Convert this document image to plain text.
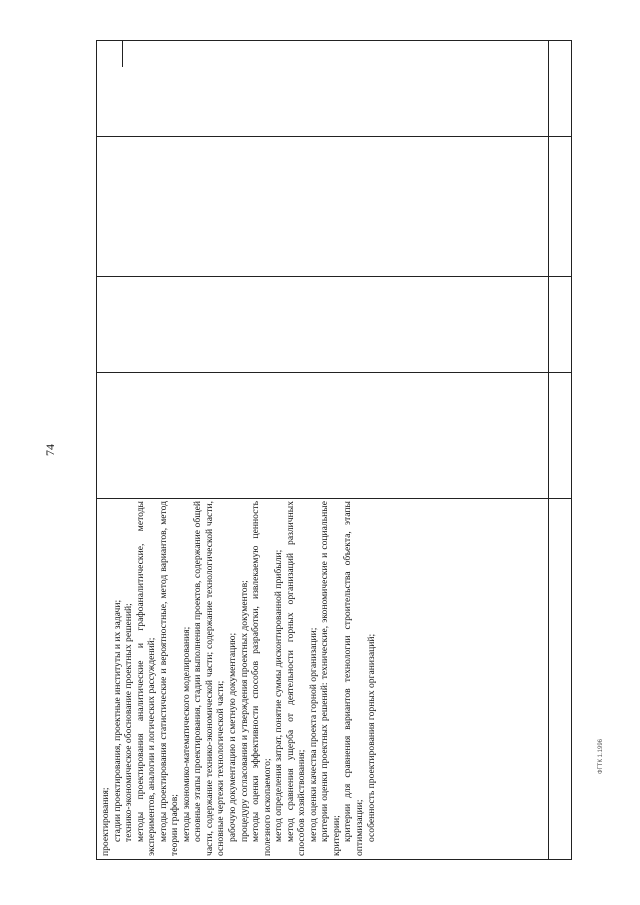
74
ФГТК 1.1996

проектирования; стадии проектирования, проектные институты и их задачи; технико-экономическое обоснование проектных решений; методы проектирования аналитические и графоаналитические, методы экспериментов, аналогии и логических рассуждений; методы проектирования статистические и вероятностные, метод вариантов, метод теории графов; методы экономико-математического моделирования; основные этапы проектирования, стадии выполнения проектов, содержание общей части, содержание технико-экономической части; содержание технологической части, основные чертежи технологической части; рабочую документацию и сметную документацию; процедуру согласования и утверждения проектных документов; методы оценки эффективности способов разработки, извлекаемую ценность полезного ископаемого; метод определения затрат, понятие суммы дисконтированной прибыли; метод сравнения ущерба от деятельности горных организаций различных способов хозяйствования; метод оценки качества проекта горной организации; критерии оценки проектных решений: технические, экономические и социальные критерии; критерии для сравнения вариантов технологии строительства объекта, этапы оптимизации; особенность проектирования горных организаций;
